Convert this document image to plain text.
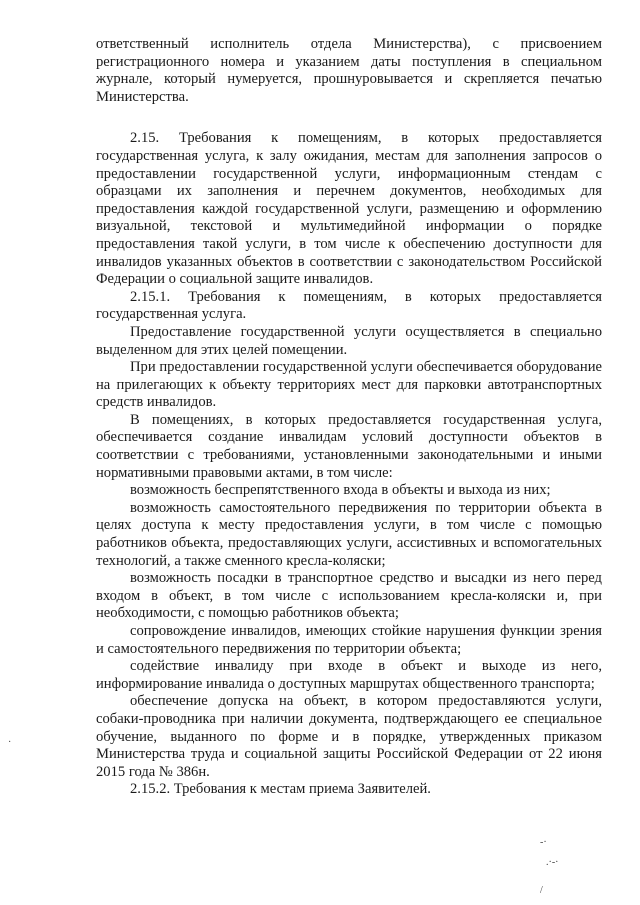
ответственный исполнитель отдела Министерства), с присвоением регистрационного номера и указанием даты поступления в специальном журнале, который нумеруется, прошнуровывается и скрепляется печатью Министерства.

2.15. Требования к помещениям, в которых предоставляется государственная услуга, к залу ожидания, местам для заполнения запросов о предоставлении государственной услуги, информационным стендам с образцами их заполнения и перечнем документов, необходимых для предоставления каждой государственной услуги, размещению и оформлению визуальной, текстовой и мультимедийной информации о порядке предоставления такой услуги, в том числе к обеспечению доступности для инвалидов указанных объектов в соответствии с законодательством Российской Федерации о социальной защите инвалидов.

2.15.1. Требования к помещениям, в которых предоставляется государственная услуга.

Предоставление государственной услуги осуществляется в специально выделенном для этих целей помещении.

При предоставлении государственной услуги обеспечивается оборудование на прилегающих к объекту территориях мест для парковки автотранспортных средств инвалидов.

В помещениях, в которых предоставляется государственная услуга, обеспечивается создание инвалидам условий доступности объектов в соответствии с требованиями, установленными законодательными и иными нормативными правовыми актами, в том числе:

возможность беспрепятственного входа в объекты и выхода из них;

возможность самостоятельного передвижения по территории объекта в целях доступа к месту предоставления услуги, в том числе с помощью работников объекта, предоставляющих услуги, ассистивных и вспомогательных технологий, а также сменного кресла-коляски;

возможность посадки в транспортное средство и высадки из него перед входом в объект, в том числе с использованием кресла-коляски и, при необходимости, с помощью работников объекта;

сопровождение инвалидов, имеющих стойкие нарушения функции зрения и самостоятельного передвижения по территории объекта;

содействие инвалиду при входе в объект и выходе из него, информирование инвалида о доступных маршрутах общественного транспорта;

обеспечение допуска на объект, в котором предоставляются услуги, собаки-проводника при наличии документа, подтверждающего ее специальное обучение, выданного по форме и в порядке, утвержденных приказом Министерства труда и социальной защиты Российской Федерации от 22 июня 2015 года № 386н.

2.15.2. Требования к местам приема Заявителей.

·
-·
.·-·
/
